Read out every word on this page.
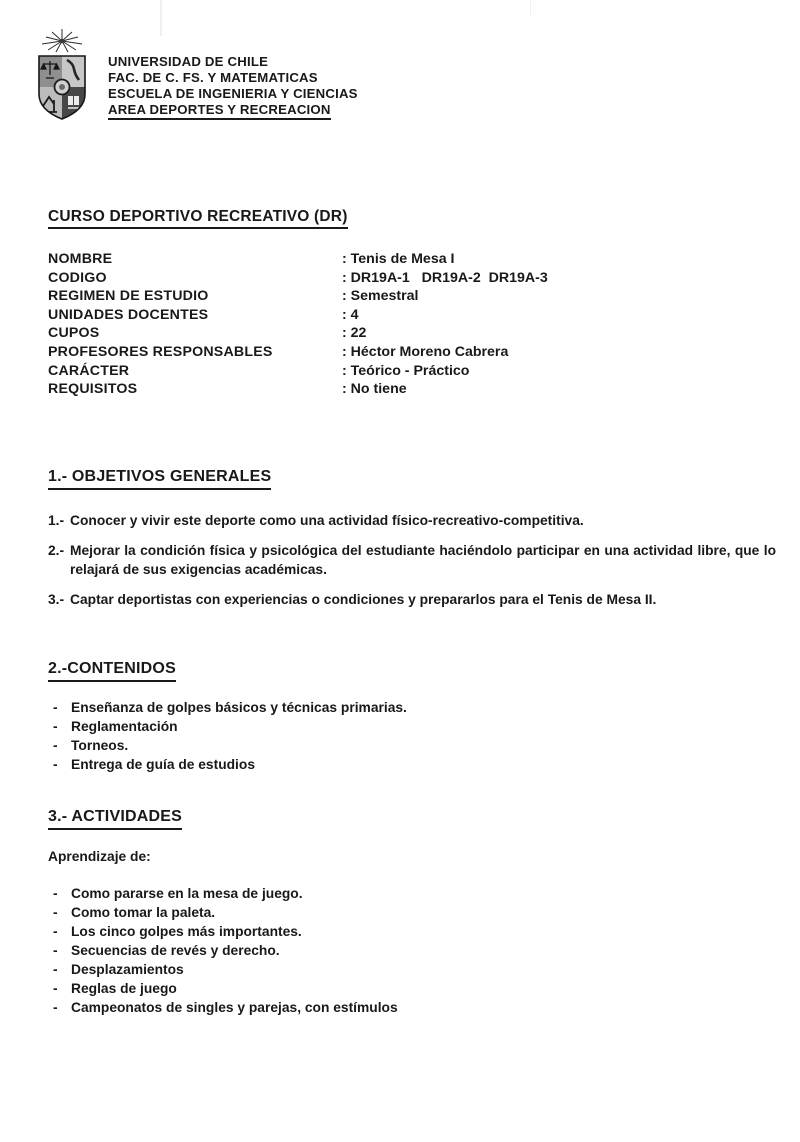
UNIVERSIDAD DE CHILE
FAC. DE C. FS. Y MATEMATICAS
ESCUELA DE INGENIERIA Y CIENCIAS
AREA DEPORTES Y RECREACION
CURSO DEPORTIVO RECREATIVO (DR)
NOMBRE	: Tenis de Mesa I
CODIGO	: DR19A-1   DR19A-2  DR19A-3
REGIMEN DE ESTUDIO	: Semestral
UNIDADES DOCENTES	: 4
CUPOS	: 22
PROFESORES RESPONSABLES	: Héctor Moreno Cabrera
CARÁCTER	: Teórico - Práctico
REQUISITOS	: No tiene
1.- OBJETIVOS GENERALES
1.- Conocer y vivir este deporte como una actividad físico-recreativo-competitiva.
2.- Mejorar la condición física y psicológica del estudiante haciéndolo participar en una actividad libre, que lo relajará de sus exigencias académicas.
3.- Captar deportistas con experiencias o condiciones y prepararlos para el Tenis de Mesa II.
2.-CONTENIDOS
- Enseñanza de golpes básicos y técnicas primarias.
- Reglamentación
- Torneos.
- Entrega de guía de estudios
3.- ACTIVIDADES
Aprendizaje de:
- Como pararse en la mesa de juego.
- Como tomar la paleta.
- Los cinco golpes más importantes.
- Secuencias de revés y derecho.
- Desplazamientos
- Reglas de juego
- Campeonatos de singles y parejas, con estímulos
